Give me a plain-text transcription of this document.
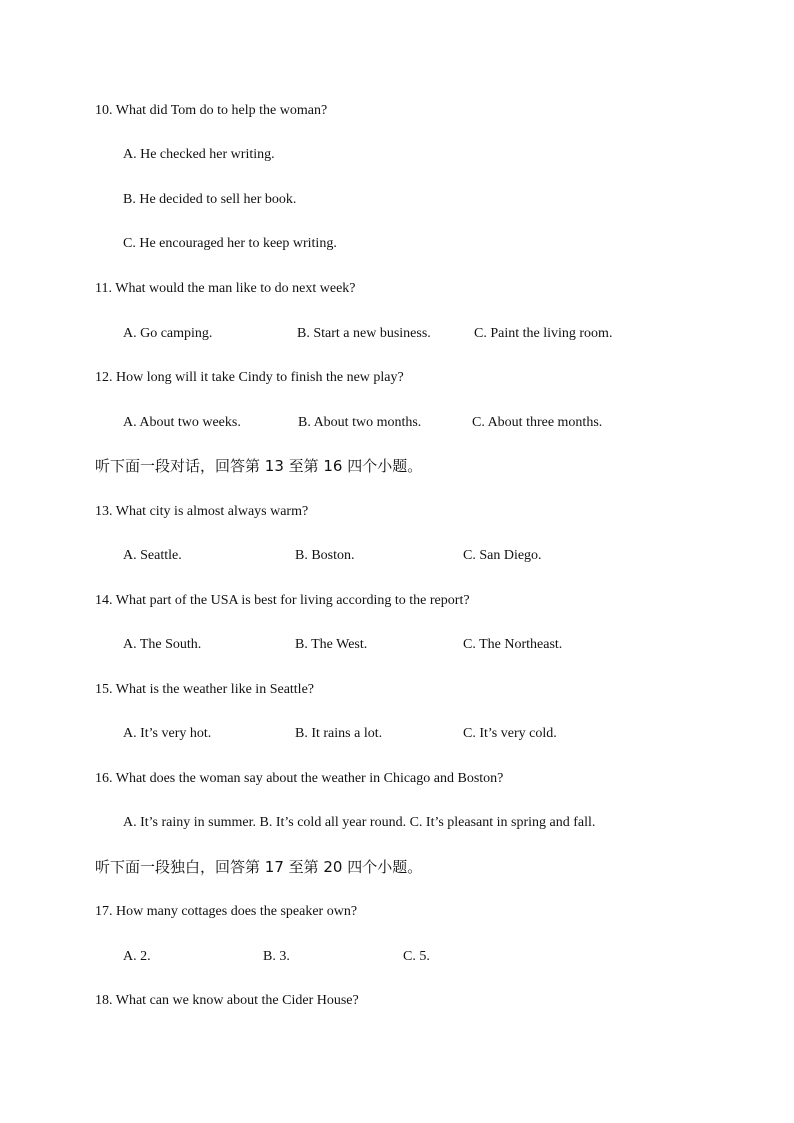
10. What did Tom do to help the woman?
A. He checked her writing.
B. He decided to sell her book.
C. He encouraged her to keep writing.
11. What would the man like to do next week?
A. Go camping.	B. Start a new business.	C. Paint the living room.
12. How long will it take Cindy to finish the new play?
A. About two weeks.	B. About two months.	C. About three months.
听下面一段对话，回答第 13 至第 16 四个小题。
13. What city is almost always warm?
A. Seattle.	B. Boston.	C. San Diego.
14. What part of the USA is best for living according to the report?
A. The South.	B. The West.	C. The Northeast.
15. What is the weather like in Seattle?
A. It’s very hot.	B. It rains a lot.	C. It’s very cold.
16. What does the woman say about the weather in Chicago and Boston?
A. It’s rainy in summer. B. It’s cold all year round. C. It’s pleasant in spring and fall.
听下面一段独白，回答第 17 至第 20 四个小题。
17. How many cottages does the speaker own?
A. 2.	B. 3.	C. 5.
18. What can we know about the Cider House?
